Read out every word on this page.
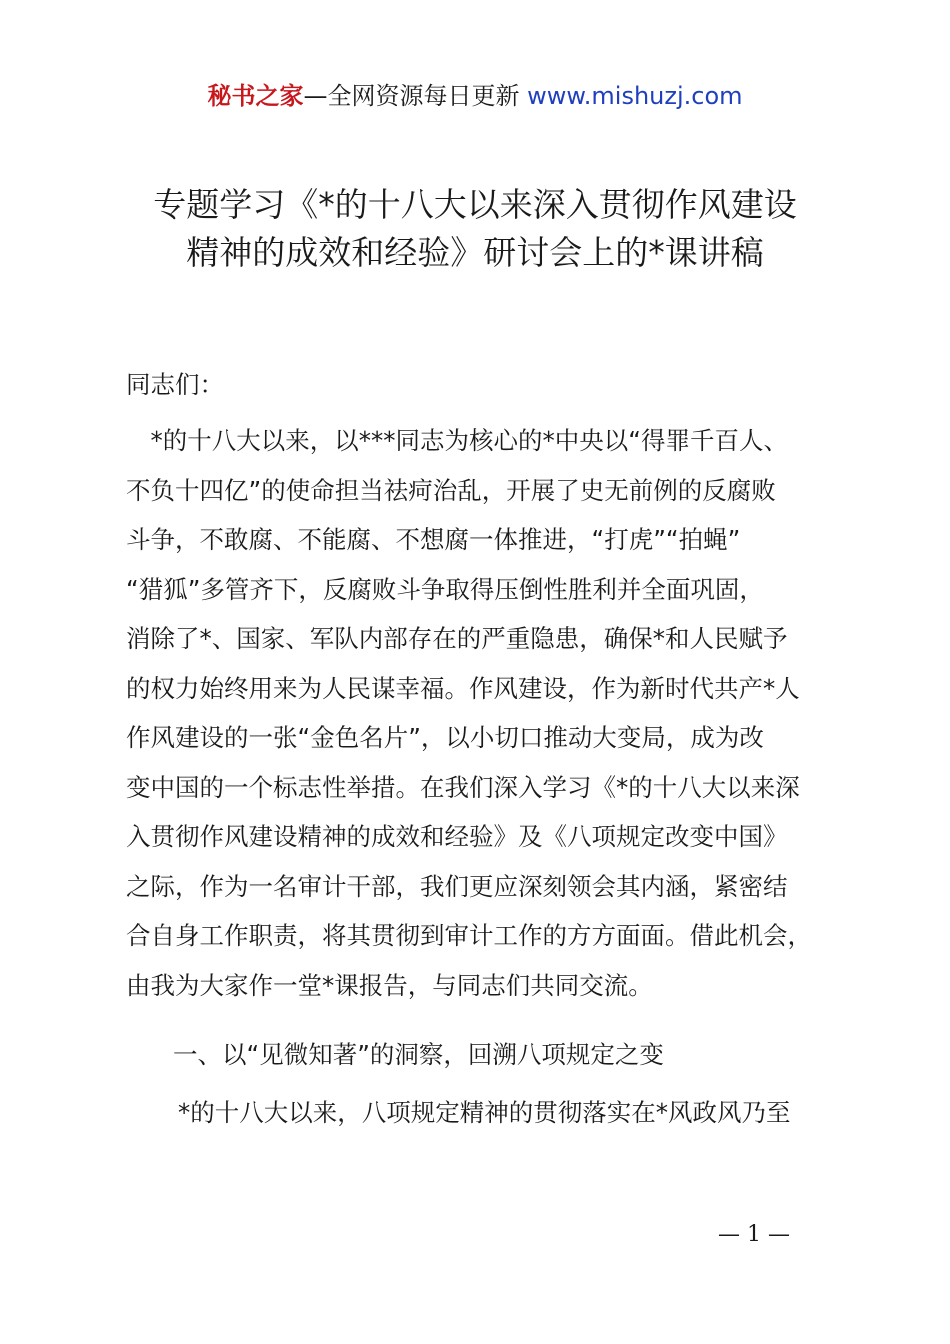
秘书之家—全网资源每日更新 www.mishuzj.com
专题学习《*的十八大以来深入贯彻作风建设
精神的成效和经验》研讨会上的*课讲稿

同志们：

　*的十八大以来，以***同志为核心的*中央以“得罪千百人、
不负十四亿”的使命担当祛疴治乱，开展了史无前例的反腐败
斗争，不敢腐、不能腐、不想腐一体推进，“打虎”“拍蝇”
“猎狐”多管齐下，反腐败斗争取得压倒性胜利并全面巩固，
消除了*、国家、军队内部存在的严重隐患，确保*和人民赋予
的权力始终用来为人民谋幸福。作风建设，作为新时代共产*人
作风建设的一张“金色名片”，以小切口推动大变局，成为改
变中国的一个标志性举措。在我们深入学习《*的十八大以来深
入贯彻作风建设精神的成效和经验》及《八项规定改变中国》
之际，作为一名审计干部，我们更应深刻领会其内涵，紧密结
合自身工作职责，将其贯彻到审计工作的方方面面。借此机会，
由我为大家作一堂*课报告，与同志们共同交流。

一、以“见微知著”的洞察，回溯八项规定之变

*的十八大以来，八项规定精神的贯彻落实在*风政风乃至

— 1 —
